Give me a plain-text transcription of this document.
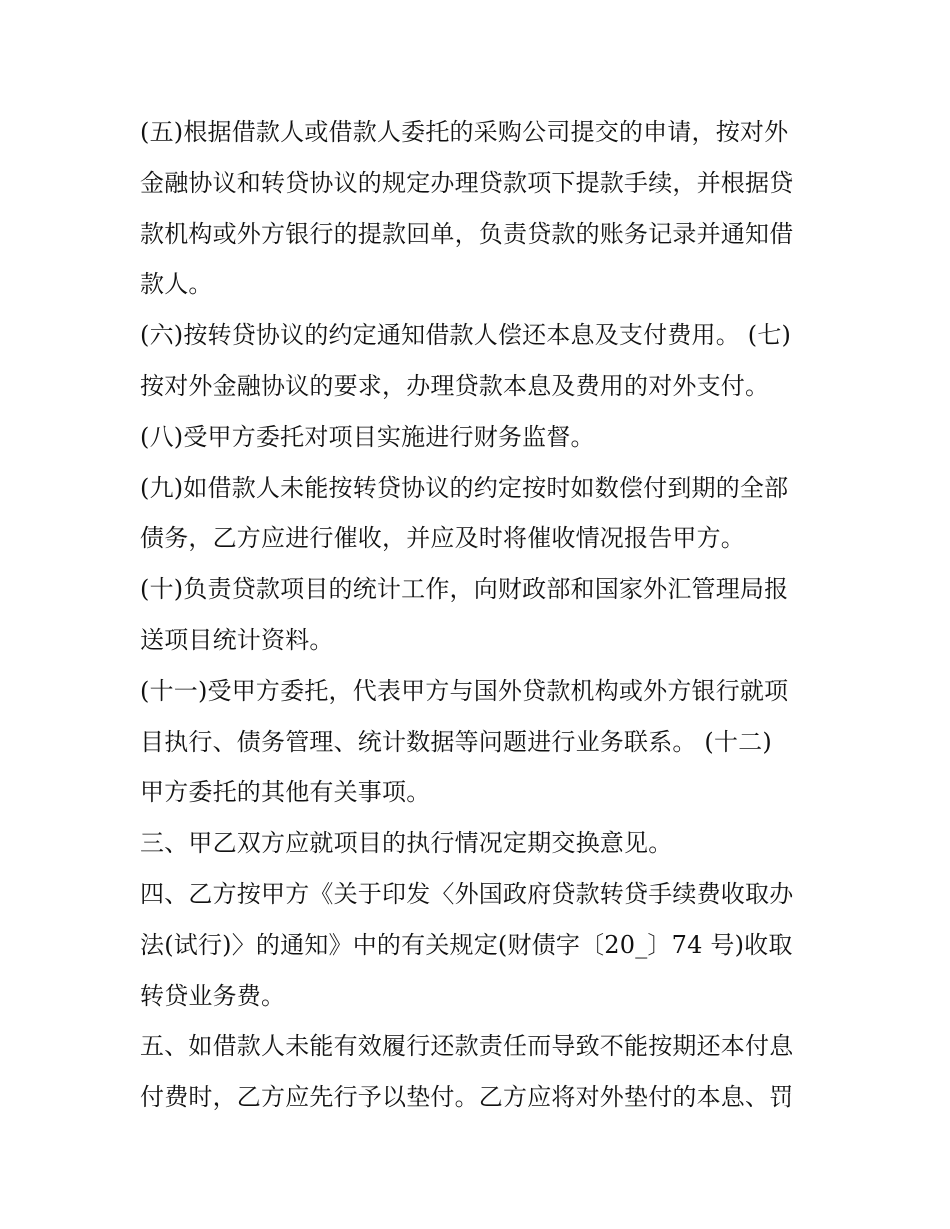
(五)根据借款人或借款人委托的采购公司提交的申请，按对外
金融协议和转贷协议的规定办理贷款项下提款手续，并根据贷
款机构或外方银行的提款回单，负责贷款的账务记录并通知借
款人。
(六)按转贷协议的约定通知借款人偿还本息及支付费用。 (七)
按对外金融协议的要求，办理贷款本息及费用的对外支付。
(八)受甲方委托对项目实施进行财务监督。
(九)如借款人未能按转贷协议的约定按时如数偿付到期的全部
债务，乙方应进行催收，并应及时将催收情况报告甲方。
(十)负责贷款项目的统计工作，向财政部和国家外汇管理局报
送项目统计资料。
(十一)受甲方委托，代表甲方与国外贷款机构或外方银行就项
目执行、债务管理、统计数据等问题进行业务联系。 (十二)
甲方委托的其他有关事项。
三、甲乙双方应就项目的执行情况定期交换意见。
四、乙方按甲方《关于印发〈外国政府贷款转贷手续费收取办
法(试行)〉的通知》中的有关规定(财债字〔20_〕74 号)收取
转贷业务费。
五、如借款人未能有效履行还款责任而导致不能按期还本付息
付费时，乙方应先行予以垫付。乙方应将对外垫付的本息、罚
